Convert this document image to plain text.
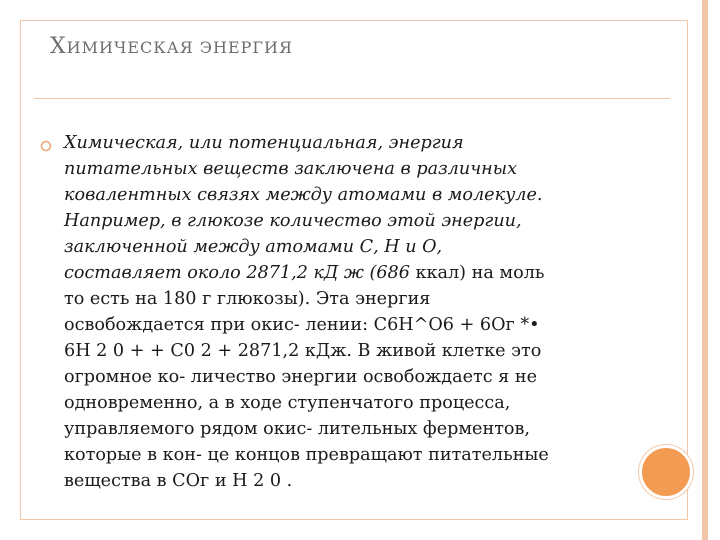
ХИМИЧЕСКАЯ ЭНЕРГИЯ
Химическая, или потенциальная, энергия
питательных веществ заключена в различных
ковалентных связях между атомами в молекуле.
Например, в глюкозе количество этой энергии,
заключенной между атомами С, Н и О,
составляет около 2871,2 кД ж (686 ккал) на моль
то есть на 180 г глюкозы). Эта энергия
освобождается при окис- лении: С6Н^О6 + 6Ог *•
6Н 2 0 + + С0 2 + 2871,2 кДж. В живой клетке это
огромное ко- личество энергии освобождаетс я не
одновременно, а в ходе ступенчатого процесса,
управляемого рядом окис- лительных ферментов,
которые в кон- це концов превращают питательные
вещества в СОг и Н 2 0 .
